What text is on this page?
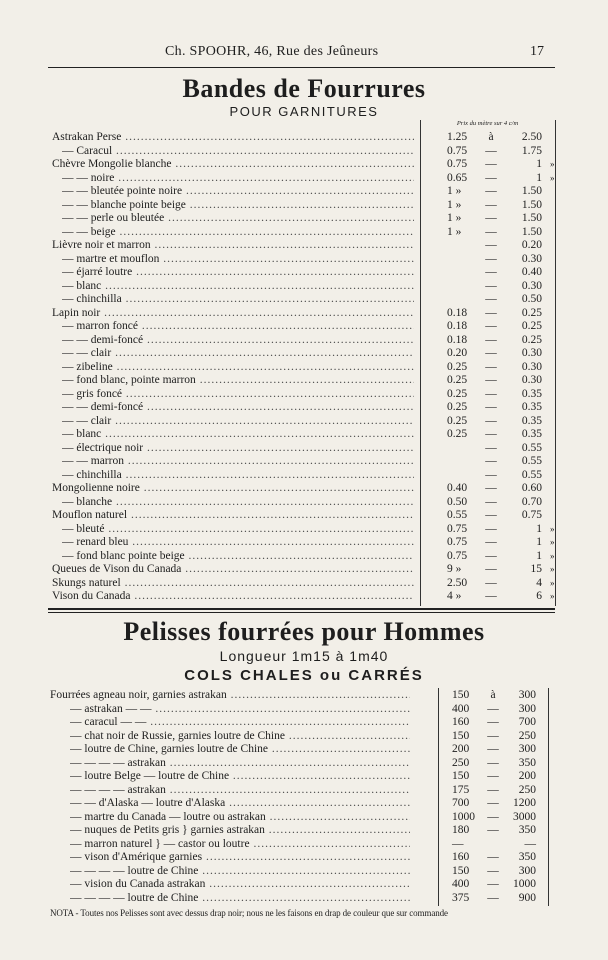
Ch. SPOOHR, 46, Rue des Jeûneurs	17
Bandes de Fourrures
POUR GARNITURES
Prix du mètre sur 4 c/m
Astrakan Perse .....	1.25	à	2.50
— Caracul .....	0.75 —	1.75
Chèvre Mongolie blanche .....	0.75 —	1 »
— — noire .....	0.65 —	1 »
— — bleutée pointe noire .....	1 » —	1.50
— — blanche pointe beige .....	1 » —	1.50
— — perle ou bleutée .....	1 » —	1.50
— — beige .....	1 » —	1.50
Lièvre noir et marron .....	—	0.20
— martre et mouflon .....	—	0.30
— éjarré loutre .....	—	0.40
— blanc .....	—	0.30
— chinchilla .....	—	0.50
Lapin noir .....	0.18 —	0.25
— marron foncé .....	0.18 —	0.25
— — demi-foncé .....	0.18 —	0.25
— — clair .....	0.20 —	0.30
— zibeline .....	0.25 —	0.30
— fond blanc, pointe marron .....	0.25 —	0.30
— gris foncé .....	0.25 —	0.35
— — demi-foncé .....	0.25 —	0.35
— — clair .....	0.25 —	0.35
— blanc .....	0.25 —	0.35
— électrique noir .....	—	0.55
— — marron .....	—	0.55
— chinchilla .....	—	0.55
Mongolienne noire .....	0.40 —	0.60
— blanche .....	0.50 —	0.70
Mouflon naturel .....	0.55 —	0.75
— bleuté .....	0.75 —	1 »
— renard bleu .....	0.75 —	1 »
— fond blanc pointe beige .....	0.75 —	1 »
Queues de Vison du Canada .....	9 » —	15 »
Skungs naturel .....	2.50 —	4 »
Vison du Canada .....	4 » —	6 »
Pelisses fourrées pour Hommes
Longueur 1m15 à 1m40
COLS CHALES ou CARRÉS
Fourrées agneau noir, garnies astrakan .....	150	à	300
— astrakan — — .....	400 —	300
— caracul — — .....	160 —	700
— chat noir de Russie, garnies loutre de Chine .....	150 —	250
— loutre de Chine, garnies loutre de Chine .....	200 —	300
— — — — astrakan .....	250 —	350
— loutre Belge — loutre de Chine .....	150 —	200
— — — — astrakan .....	175 —	250
— — d'Alaska — loutre d'Alaska .....	700 —	1200
— martre du Canada — loutre ou astrakan .....	1000 —	3000
— nuques de Petits gris } garnies astrakan .....	180 —	350
— marron naturel } — castor ou loutre .....	—	—
— vison d'Amérique garnies .....	160 —	350
— — — — loutre de Chine .....	150 —	300
— vision du Canada astrakan .....	400 —	1000
— — — — loutre de Chine .....	375 —	900
NOTA - Toutes nos Pelisses sont avec dessus drap noir; nous ne les faisons en drap de couleur que sur commande
